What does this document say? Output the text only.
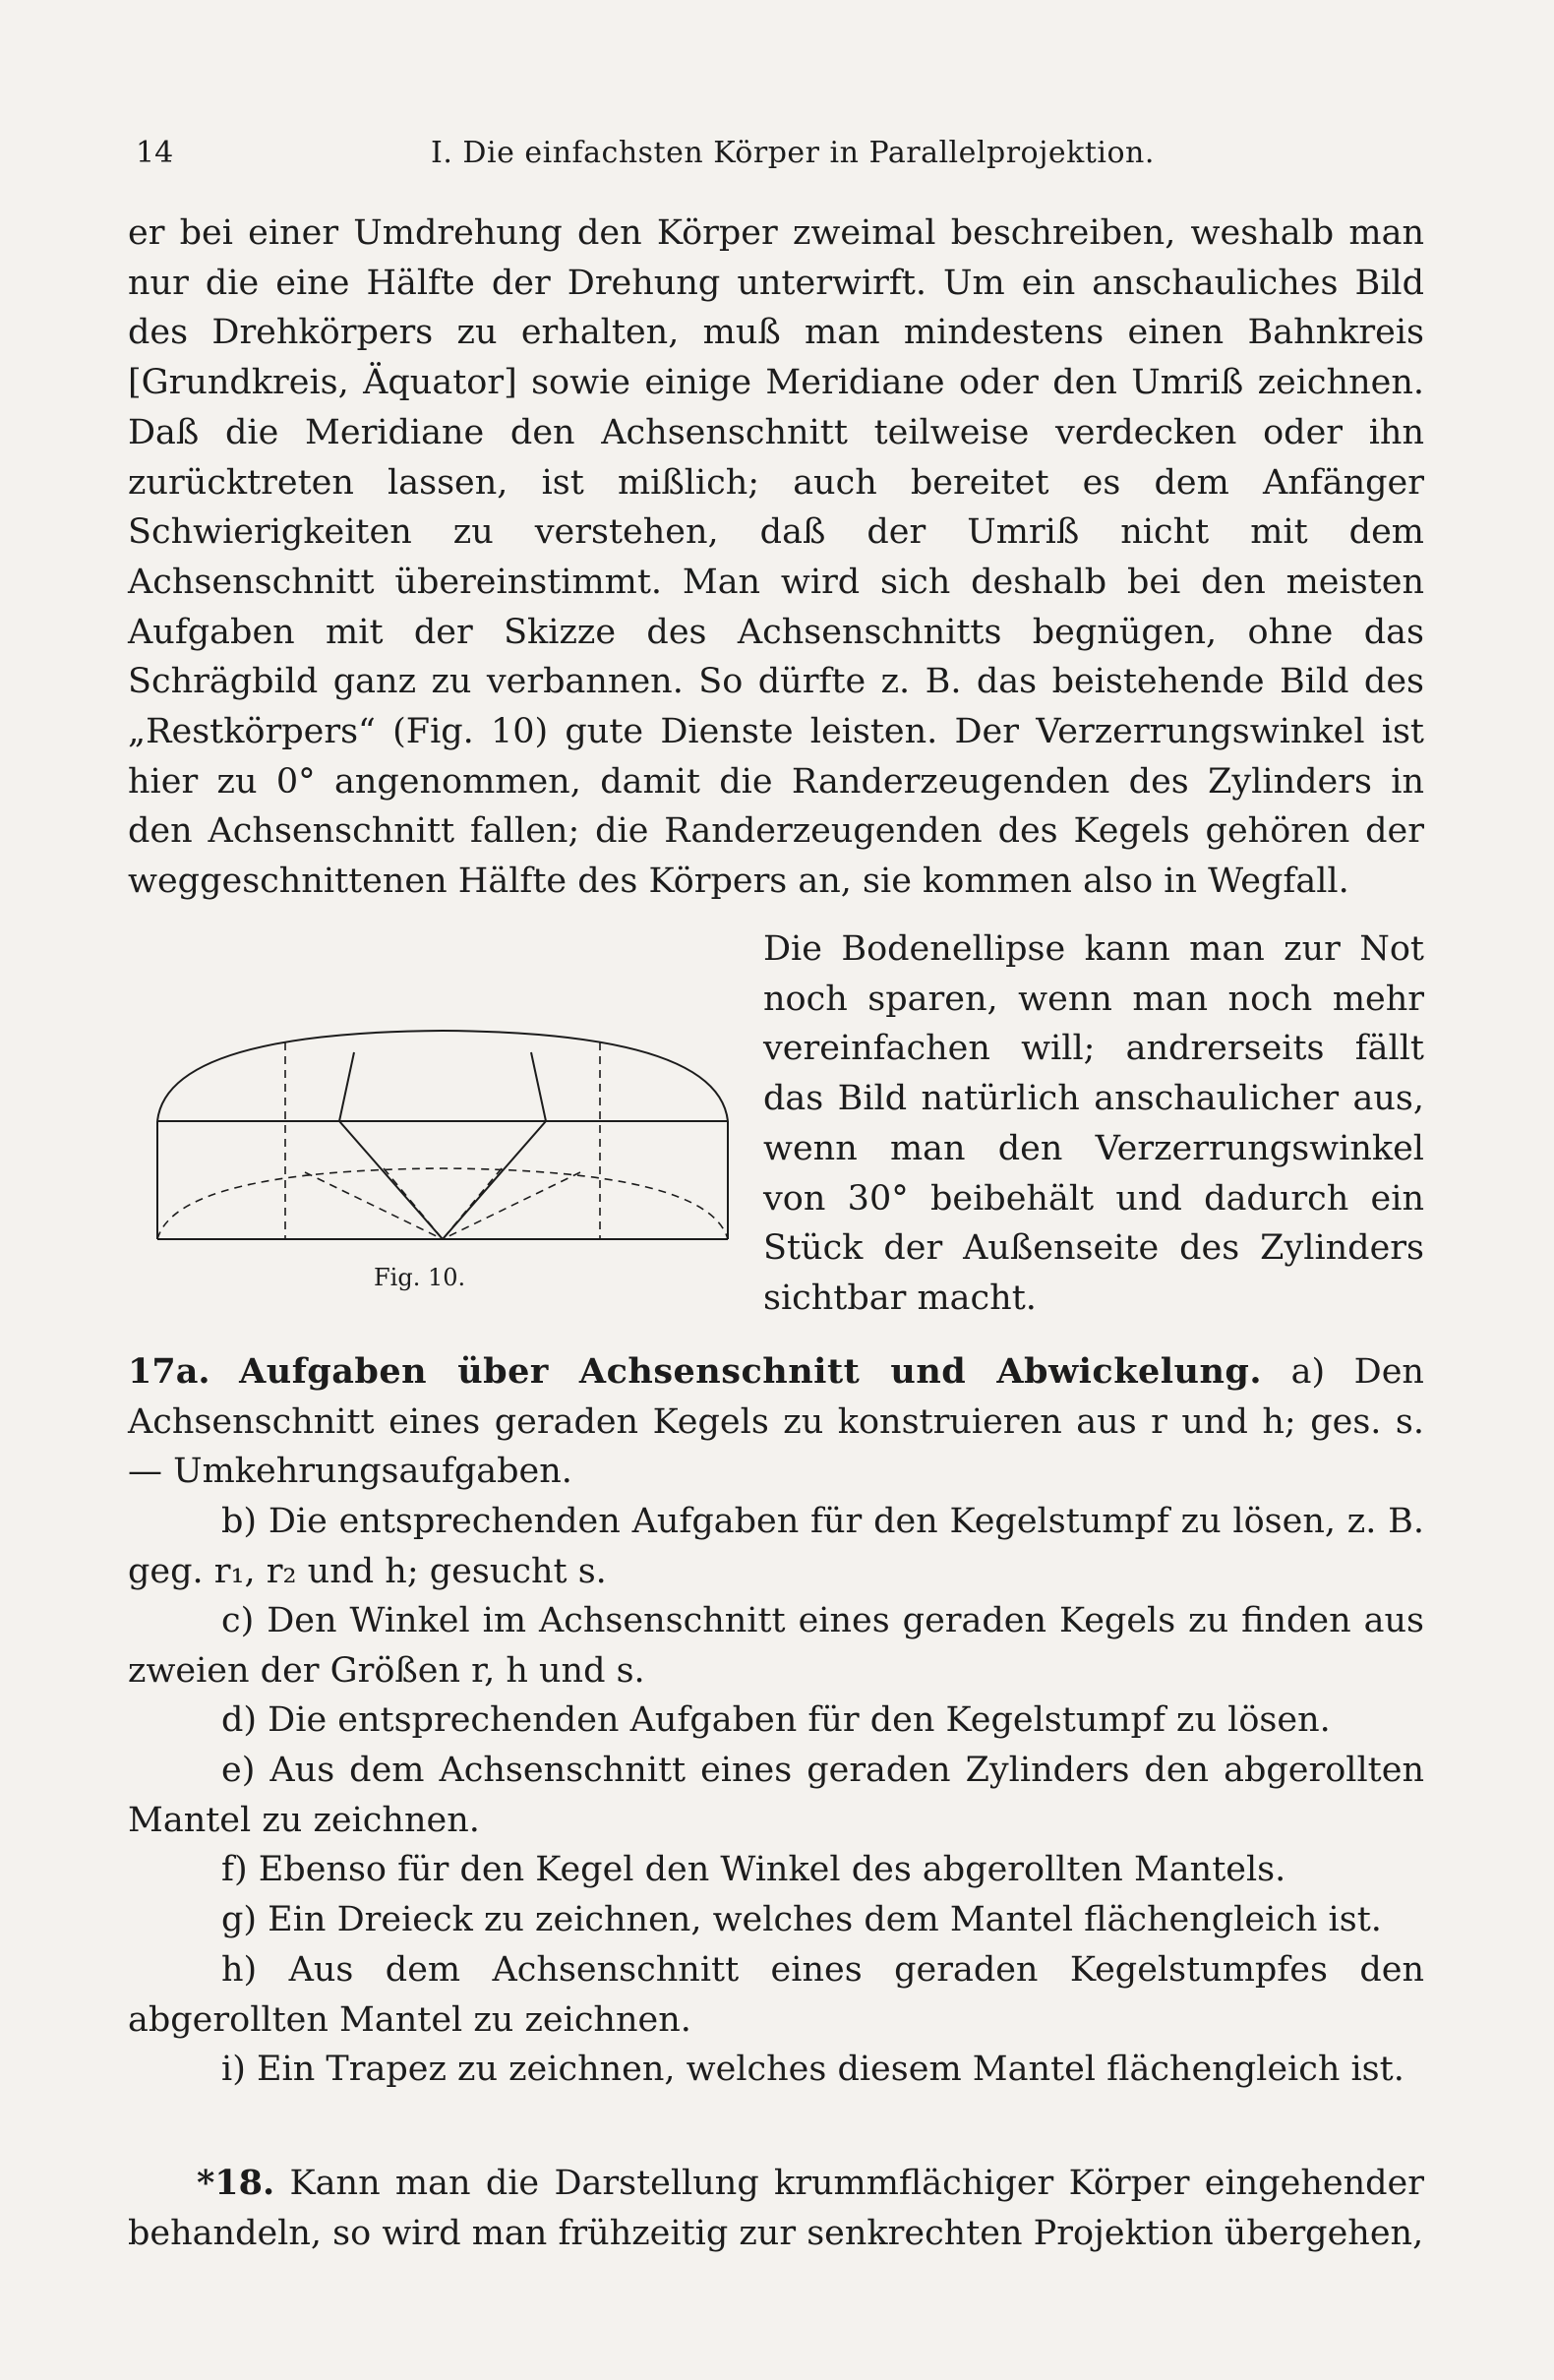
14	I. Die einfachsten Körper in Parallelprojektion.

er bei einer Umdrehung den Körper zweimal beschreiben, weshalb man nur die eine Hälfte der Drehung unterwirft. Um ein anschauliches Bild des Drehkörpers zu erhalten, muß man mindestens einen Bahnkreis [Grundkreis, Äquator] sowie einige Meridiane oder den Umriß zeichnen. Daß die Meridiane den Achsenschnitt teilweise verdecken oder ihn zurücktreten lassen, ist mißlich; auch bereitet es dem Anfänger Schwierigkeiten zu verstehen, daß der Umriß nicht mit dem Achsenschnitt übereinstimmt. Man wird sich deshalb bei den meisten Aufgaben mit der Skizze des Achsenschnitts begnügen, ohne das Schrägbild ganz zu verbannen. So dürfte z. B. das beistehende Bild des „Restkörpers“ (Fig. 10) gute Dienste leisten. Der Verzerrungswinkel ist hier zu 0° angenommen, damit die Randerzeugenden des Zylinders in den Achsenschnitt fallen; die Randerzeugenden des Kegels gehören der weggeschnittenen Hälfte des Körpers an, sie kommen also in Wegfall.

Fig. 10.

Die Bodenellipse kann man zur Not noch sparen, wenn man noch mehr vereinfachen will; andrerseits fällt das Bild natürlich anschaulicher aus, wenn man den Verzerrungswinkel von 30° beibehält und dadurch ein Stück der Außenseite des Zylinders sichtbar macht.

17a. Aufgaben über Achsenschnitt und Abwickelung. a) Den Achsenschnitt eines geraden Kegels zu konstruieren aus r und h; ges. s. — Umkehrungsaufgaben.

b) Die entsprechenden Aufgaben für den Kegelstumpf zu lösen, z. B. geg. r₁, r₂ und h; gesucht s.

c) Den Winkel im Achsenschnitt eines geraden Kegels zu finden aus zweien der Größen r, h und s.

d) Die entsprechenden Aufgaben für den Kegelstumpf zu lösen.

e) Aus dem Achsenschnitt eines geraden Zylinders den abgerollten Mantel zu zeichnen.

f) Ebenso für den Kegel den Winkel des abgerollten Mantels.

g) Ein Dreieck zu zeichnen, welches dem Mantel flächengleich ist.

h) Aus dem Achsenschnitt eines geraden Kegelstumpfes den abgerollten Mantel zu zeichnen.

i) Ein Trapez zu zeichnen, welches diesem Mantel flächengleich ist.

*18. Kann man die Darstellung krummflächiger Körper eingehender behandeln, so wird man frühzeitig zur senkrechten Projektion übergehen,
